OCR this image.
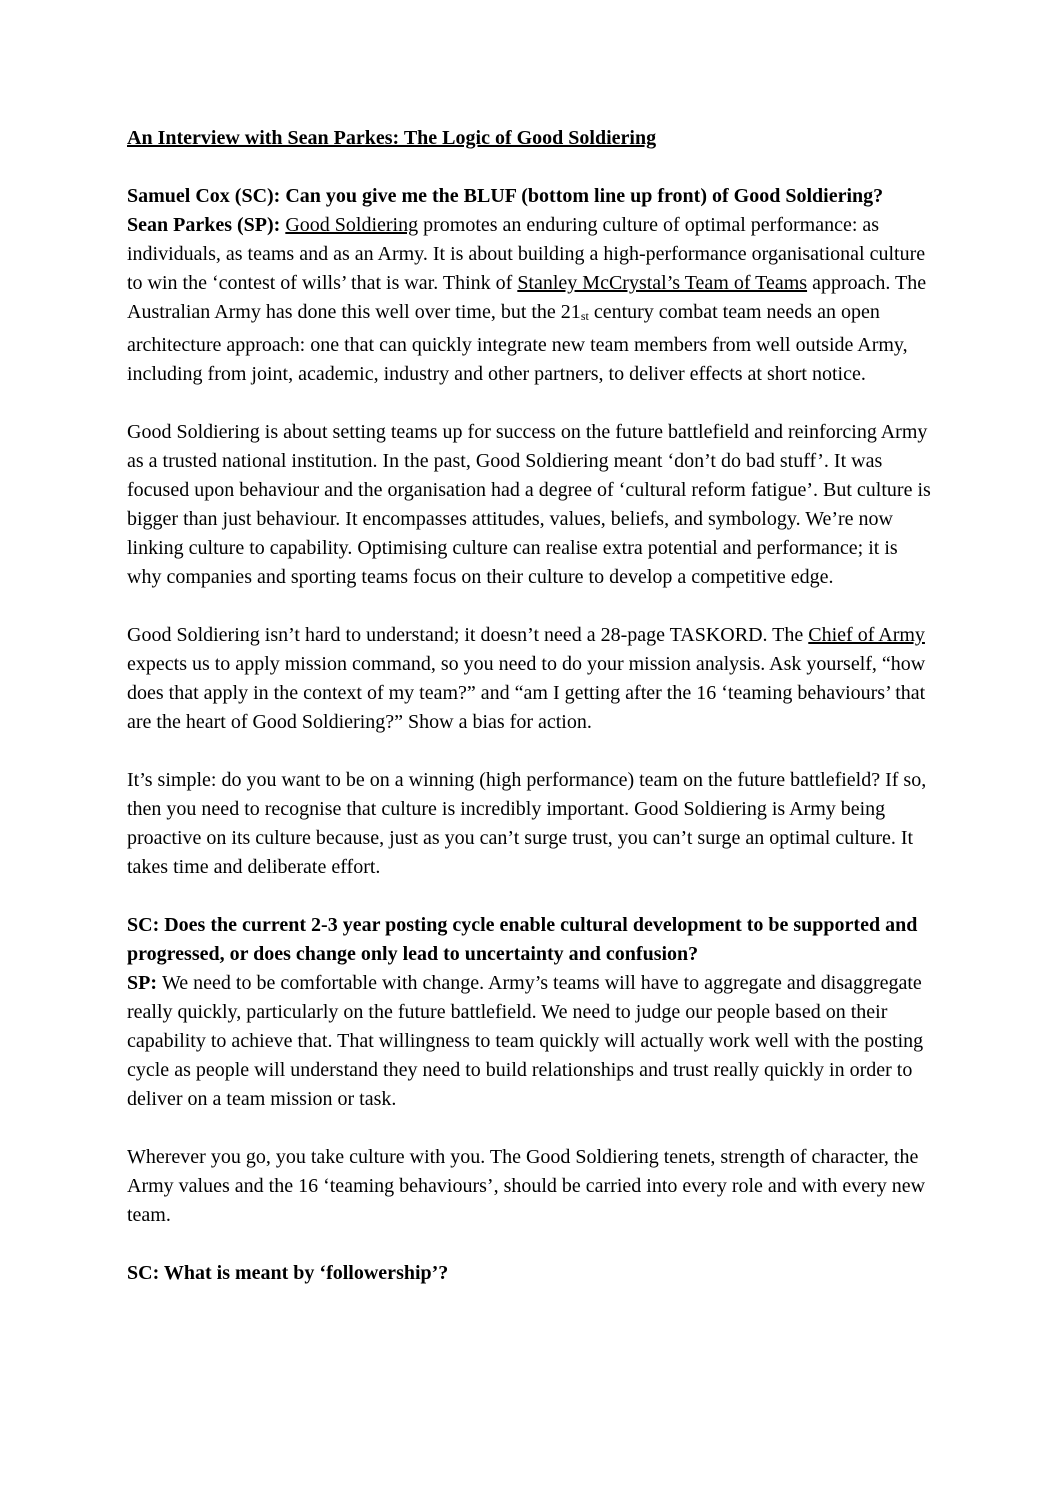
An Interview with Sean Parkes: The Logic of Good Soldiering

Samuel Cox (SC): Can you give me the BLUF (bottom line up front) of Good Soldiering?

Sean Parkes (SP): Good Soldiering promotes an enduring culture of optimal performance: as individuals, as teams and as an Army. It is about building a high-performance organisational culture to win the ‘contest of wills’ that is war. Think of Stanley McCrystal’s Team of Teams approach. The Australian Army has done this well over time, but the 21st century combat team needs an open architecture approach: one that can quickly integrate new team members from well outside Army, including from joint, academic, industry and other partners, to deliver effects at short notice.

Good Soldiering is about setting teams up for success on the future battlefield and reinforcing Army as a trusted national institution. In the past, Good Soldiering meant ‘don’t do bad stuff’. It was focused upon behaviour and the organisation had a degree of ‘cultural reform fatigue’. But culture is bigger than just behaviour. It encompasses attitudes, values, beliefs, and symbology. We’re now linking culture to capability. Optimising culture can realise extra potential and performance; it is why companies and sporting teams focus on their culture to develop a competitive edge.

Good Soldiering isn’t hard to understand; it doesn’t need a 28-page TASKORD. The Chief of Army expects us to apply mission command, so you need to do your mission analysis. Ask yourself, “how does that apply in the context of my team?” and “am I getting after the 16 ‘teaming behaviours’ that are the heart of Good Soldiering?” Show a bias for action.

It’s simple: do you want to be on a winning (high performance) team on the future battlefield? If so, then you need to recognise that culture is incredibly important. Good Soldiering is Army being proactive on its culture because, just as you can’t surge trust, you can’t surge an optimal culture. It takes time and deliberate effort.

SC: Does the current 2-3 year posting cycle enable cultural development to be supported and progressed, or does change only lead to uncertainty and confusion?

SP: We need to be comfortable with change. Army’s teams will have to aggregate and disaggregate really quickly, particularly on the future battlefield. We need to judge our people based on their capability to achieve that. That willingness to team quickly will actually work well with the posting cycle as people will understand they need to build relationships and trust really quickly in order to deliver on a team mission or task.

Wherever you go, you take culture with you. The Good Soldiering tenets, strength of character, the Army values and the 16 ‘teaming behaviours’, should be carried into every role and with every new team.

SC: What is meant by ‘followership’?
